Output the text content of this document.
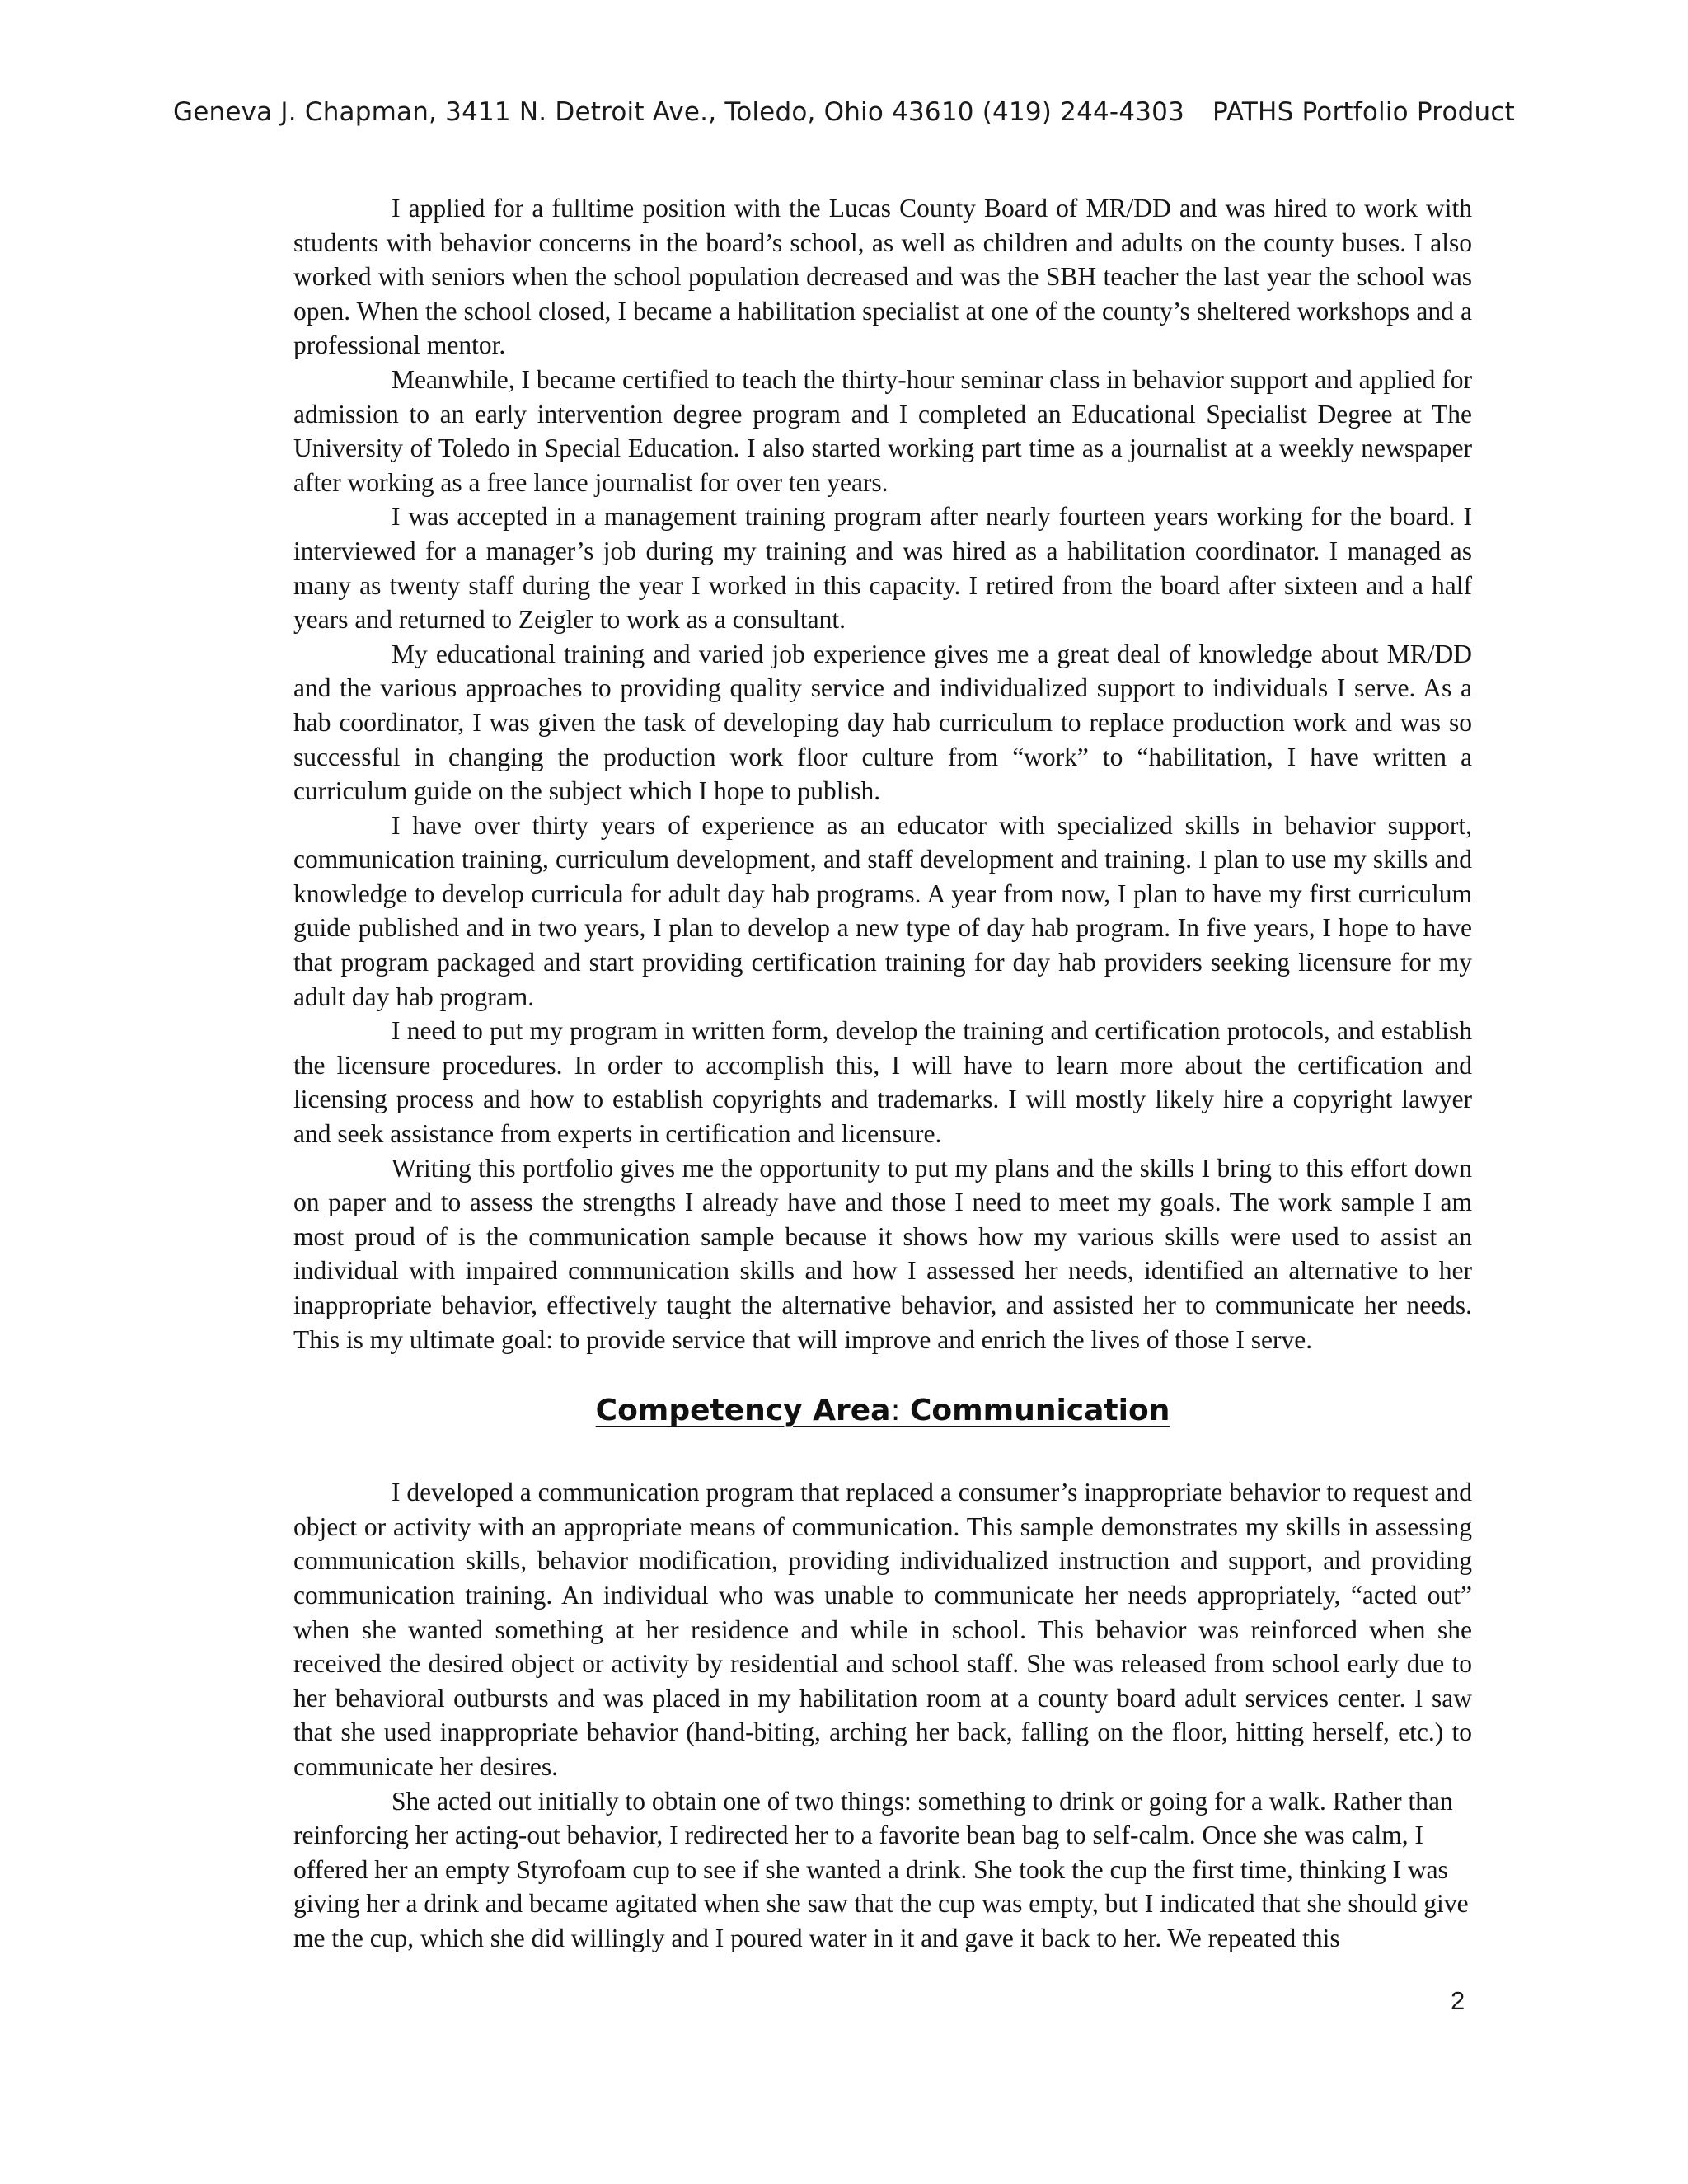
Geneva J. Chapman, 3411 N. Detroit Ave., Toledo, Ohio 43610 (419) 244-4303 PATHS Portfolio Product

I applied for a fulltime position with the Lucas County Board of MR/DD and was hired to work with students with behavior concerns in the board’s school, as well as children and adults on the county buses. I also worked with seniors when the school population decreased and was the SBH teacher the last year the school was open. When the school closed, I became a habilitation specialist at one of the county’s sheltered workshops and a professional mentor.

Meanwhile, I became certified to teach the thirty-hour seminar class in behavior support and applied for admission to an early intervention degree program and I completed an Educational Specialist Degree at The University of Toledo in Special Education. I also started working part time as a journalist at a weekly newspaper after working as a free lance journalist for over ten years.

I was accepted in a management training program after nearly fourteen years working for the board. I interviewed for a manager’s job during my training and was hired as a habilitation coordinator. I managed as many as twenty staff during the year I worked in this capacity. I retired from the board after sixteen and a half years and returned to Zeigler to work as a consultant.

My educational training and varied job experience gives me a great deal of knowledge about MR/DD and the various approaches to providing quality service and individualized support to individuals I serve. As a hab coordinator, I was given the task of developing day hab curriculum to replace production work and was so successful in changing the production work floor culture from “work” to “habilitation, I have written a curriculum guide on the subject which I hope to publish.

I have over thirty years of experience as an educator with specialized skills in behavior support, communication training, curriculum development, and staff development and training. I plan to use my skills and knowledge to develop curricula for adult day hab programs. A year from now, I plan to have my first curriculum guide published and in two years, I plan to develop a new type of day hab program. In five years, I hope to have that program packaged and start providing certification training for day hab providers seeking licensure for my adult day hab program.

I need to put my program in written form, develop the training and certification protocols, and establish the licensure procedures. In order to accomplish this, I will have to learn more about the certification and licensing process and how to establish copyrights and trademarks. I will mostly likely hire a copyright lawyer and seek assistance from experts in certification and licensure.

Writing this portfolio gives me the opportunity to put my plans and the skills I bring to this effort down on paper and to assess the strengths I already have and those I need to meet my goals. The work sample I am most proud of is the communication sample because it shows how my various skills were used to assist an individual with impaired communication skills and how I assessed her needs, identified an alternative to her inappropriate behavior, effectively taught the alternative behavior, and assisted her to communicate her needs. This is my ultimate goal: to provide service that will improve and enrich the lives of those I serve.

Competency Area: Communication

I developed a communication program that replaced a consumer’s inappropriate behavior to request and object or activity with an appropriate means of communication. This sample demonstrates my skills in assessing communication skills, behavior modification, providing individualized instruction and support, and providing communication training. An individual who was unable to communicate her needs appropriately, “acted out” when she wanted something at her residence and while in school. This behavior was reinforced when she received the desired object or activity by residential and school staff. She was released from school early due to her behavioral outbursts and was placed in my habilitation room at a county board adult services center. I saw that she used inappropriate behavior (hand-biting, arching her back, falling on the floor, hitting herself, etc.) to communicate her desires.

She acted out initially to obtain one of two things: something to drink or going for a walk. Rather than reinforcing her acting-out behavior, I redirected her to a favorite bean bag to self-calm. Once she was calm, I offered her an empty Styrofoam cup to see if she wanted a drink. She took the cup the first time, thinking I was giving her a drink and became agitated when she saw that the cup was empty, but I indicated that she should give me the cup, which she did willingly and I poured water in it and gave it back to her. We repeated this

2
